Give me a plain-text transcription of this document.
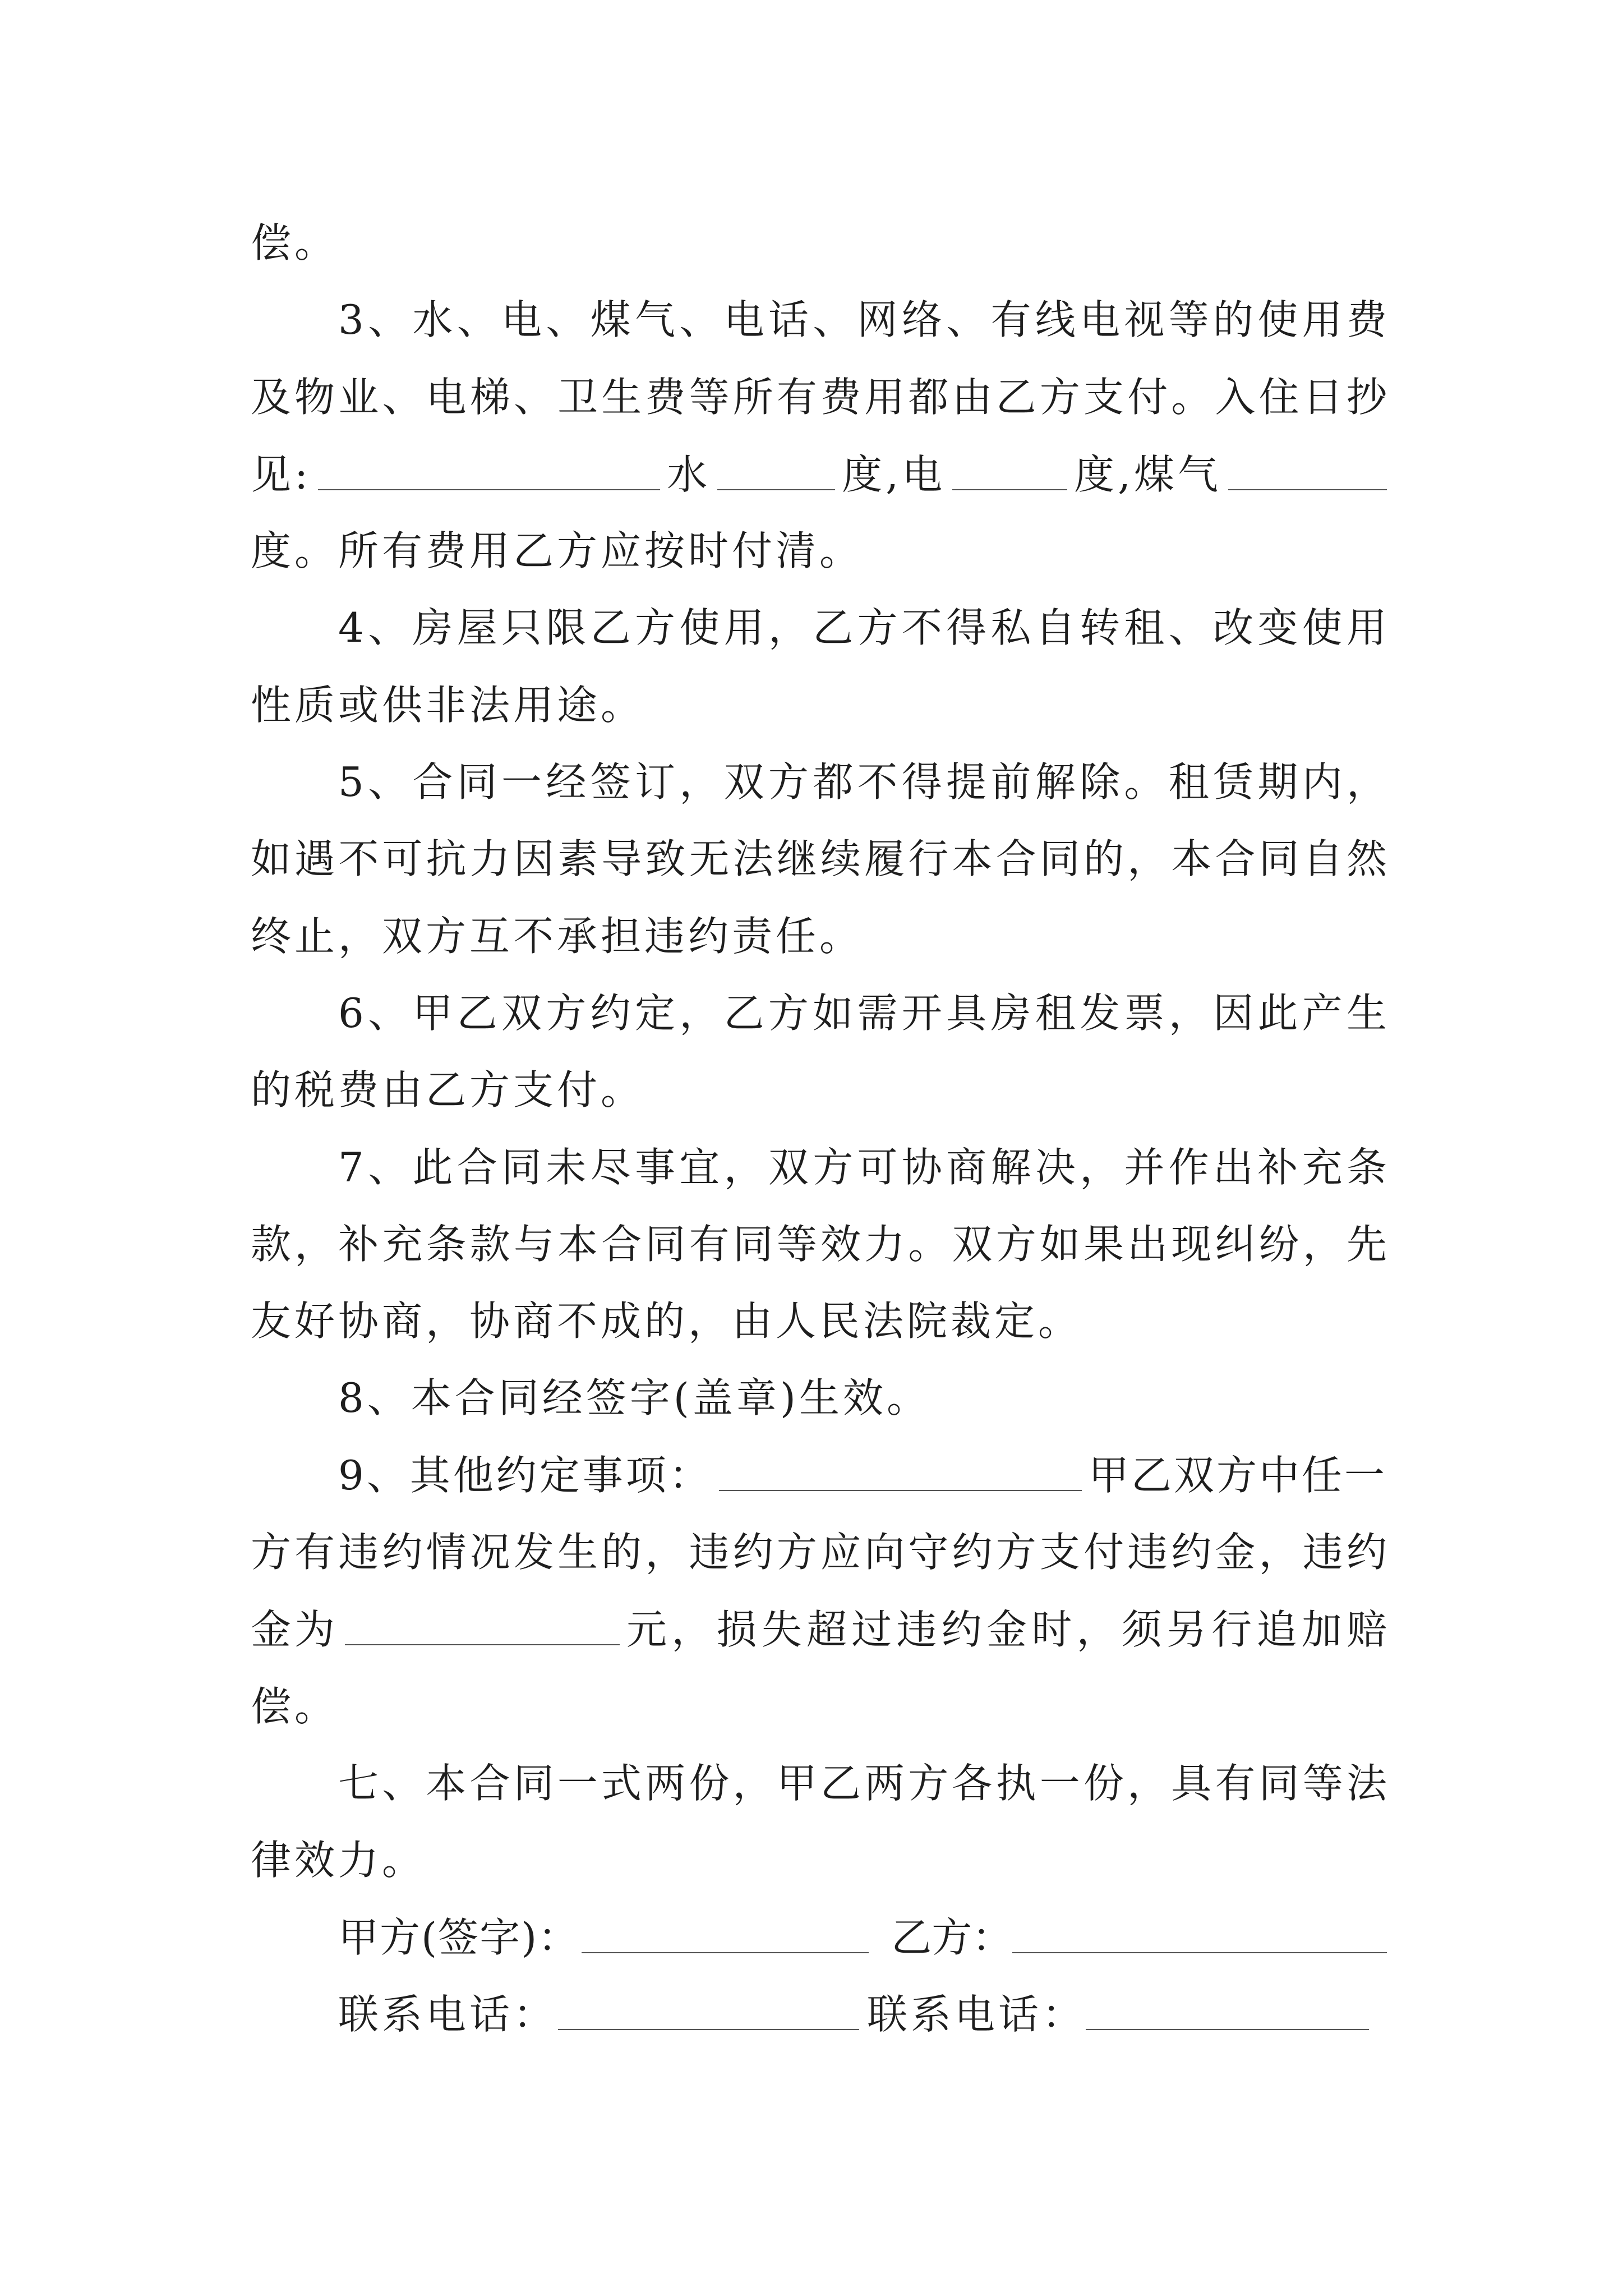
偿。
3、水、电、煤气、电话、网络、有线电视等的使用费
及物业、电梯、卫生费等所有费用都由乙方支付。入住日抄
见:	水	度,电	度,煤气
度。所有费用乙方应按时付清。
4、房屋只限乙方使用，乙方不得私自转租、改变使用
性质或供非法用途。
5、合同一经签订，双方都不得提前解除。租赁期内，
如遇不可抗力因素导致无法继续履行本合同的，本合同自然
终止，双方互不承担违约责任。
6、甲乙双方约定，乙方如需开具房租发票，因此产生
的税费由乙方支付。
7、此合同未尽事宜，双方可协商解决，并作出补充条
款，补充条款与本合同有同等效力。双方如果出现纠纷，先
友好协商，协商不成的，由人民法院裁定。
8、本合同经签字(盖章)生效。
9、其他约定事项：	甲乙双方中任一
方有违约情况发生的，违约方应向守约方支付违约金，违约
金为	元，损失超过违约金时，须另行追加赔
偿。
七、本合同一式两份，甲乙两方各执一份，具有同等法
律效力。
甲方(签字)：	乙方：
联系电话：	联系电话：
